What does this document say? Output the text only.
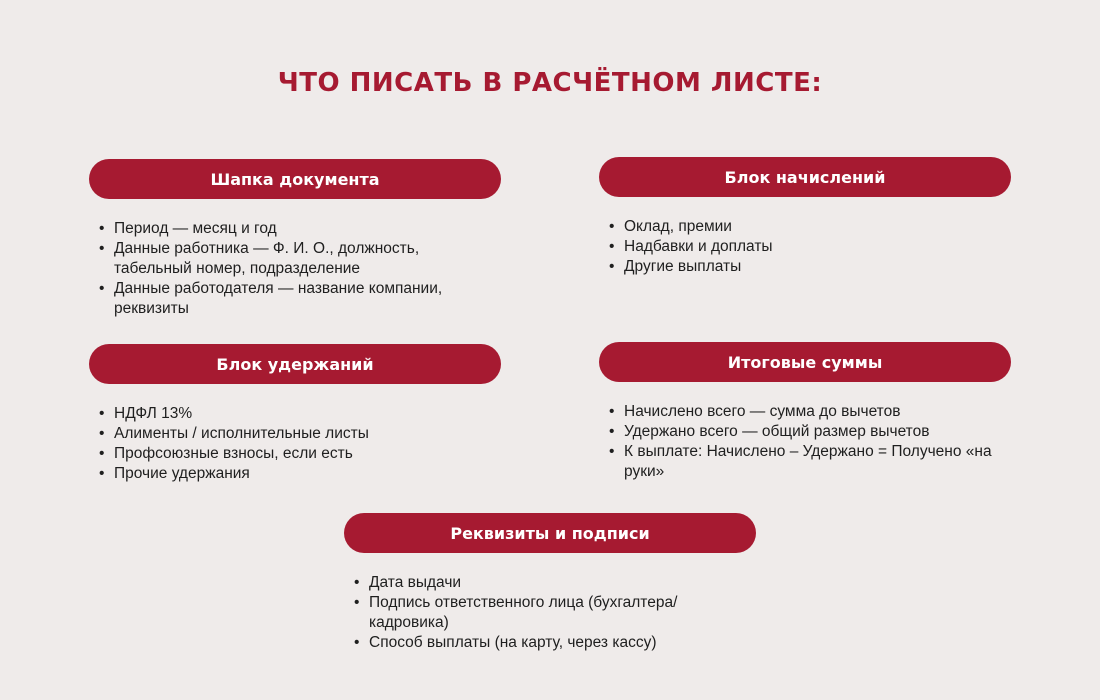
ЧТО ПИСАТЬ В РАСЧЁТНОМ ЛИСТЕ:
Шапка документа
• Период — месяц и год
• Данные работника — Ф. И. О., должность, табельный номер, подразделение
• Данные работодателя — название компании, реквизиты
Блок начислений
• Оклад, премии
• Надбавки и доплаты
• Другие выплаты
Блок удержаний
• НДФЛ 13%
• Алименты / исполнительные листы
• Профсоюзные взносы, если есть
• Прочие удержания
Итоговые суммы
• Начислено всего — сумма до вычетов
• Удержано всего — общий размер вычетов
• К выплате: Начислено – Удержано = Получено «на руки»
Реквизиты и подписи
• Дата выдачи
• Подпись ответственного лица (бухгалтера/кадровика)
• Способ выплаты (на карту, через кассу)
